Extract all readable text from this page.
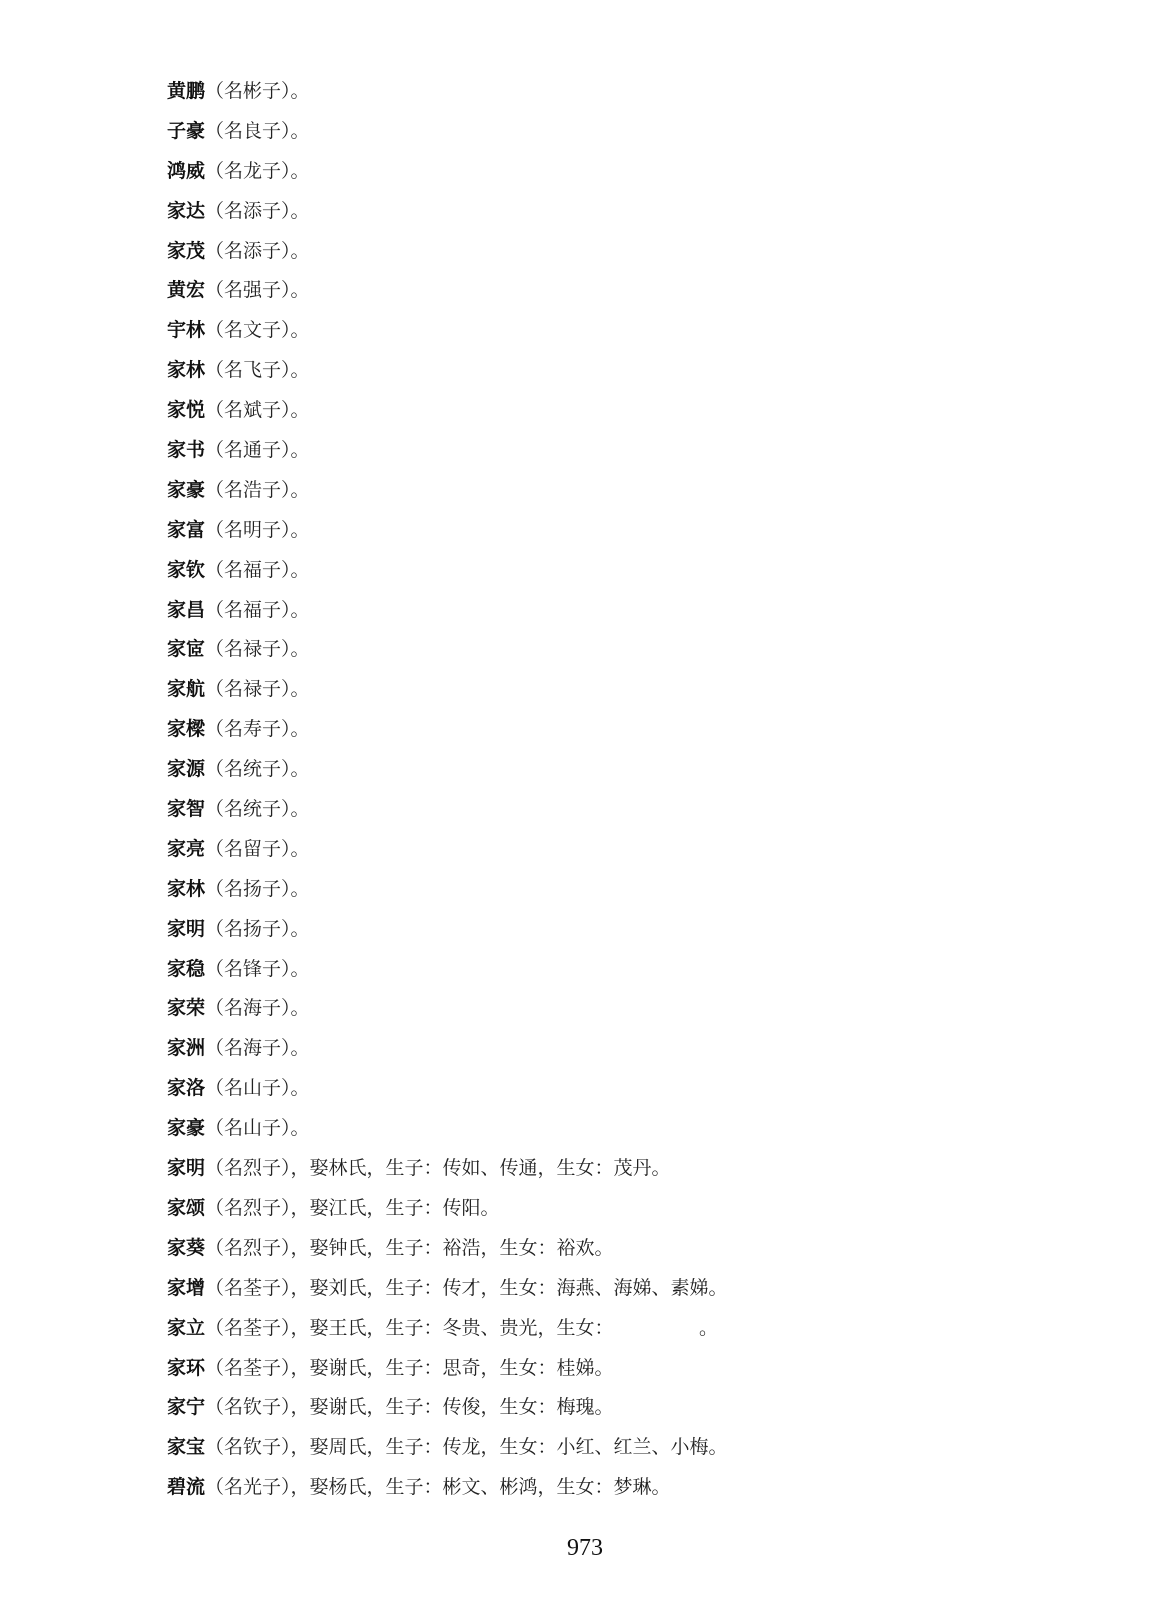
黄鹏（名彬子）。
子豪（名良子）。
鸿威（名龙子）。
家达（名添子）。
家茂（名添子）。
黄宏（名强子）。
宇林（名文子）。
家林（名飞子）。
家悦（名斌子）。
家书（名通子）。
家豪（名浩子）。
家富（名明子）。
家钦（名福子）。
家昌（名福子）。
家宧（名禄子）。
家航（名禄子）。
家樑（名寿子）。
家源（名统子）。
家智（名统子）。
家亮（名留子）。
家林（名扬子）。
家明（名扬子）。
家稳（名锋子）。
家荣（名海子）。
家洲（名海子）。
家洛（名山子）。
家豪（名山子）。
家明（名烈子），娶林氏，生子：传如、传通，生女：茂丹。
家颂（名烈子），娶江氏，生子：传阳。
家葵（名烈子），娶钟氏，生子：裕浩，生女：裕欢。
家增（名荃子），娶刘氏，生子：传才，生女：海燕、海娣、素娣。
家立（名荃子），娶王氏，生子：冬贵、贵光，生女：　　　　　。
家环（名荃子），娶谢氏，生子：思奇，生女：桂娣。
家宁（名钦子），娶谢氏，生子：传俊，生女：梅瑰。
家宝（名钦子），娶周氏，生子：传龙，生女：小红、红兰、小梅。
碧流（名光子），娶杨氏，生子：彬文、彬鸿，生女：梦琳。
973
